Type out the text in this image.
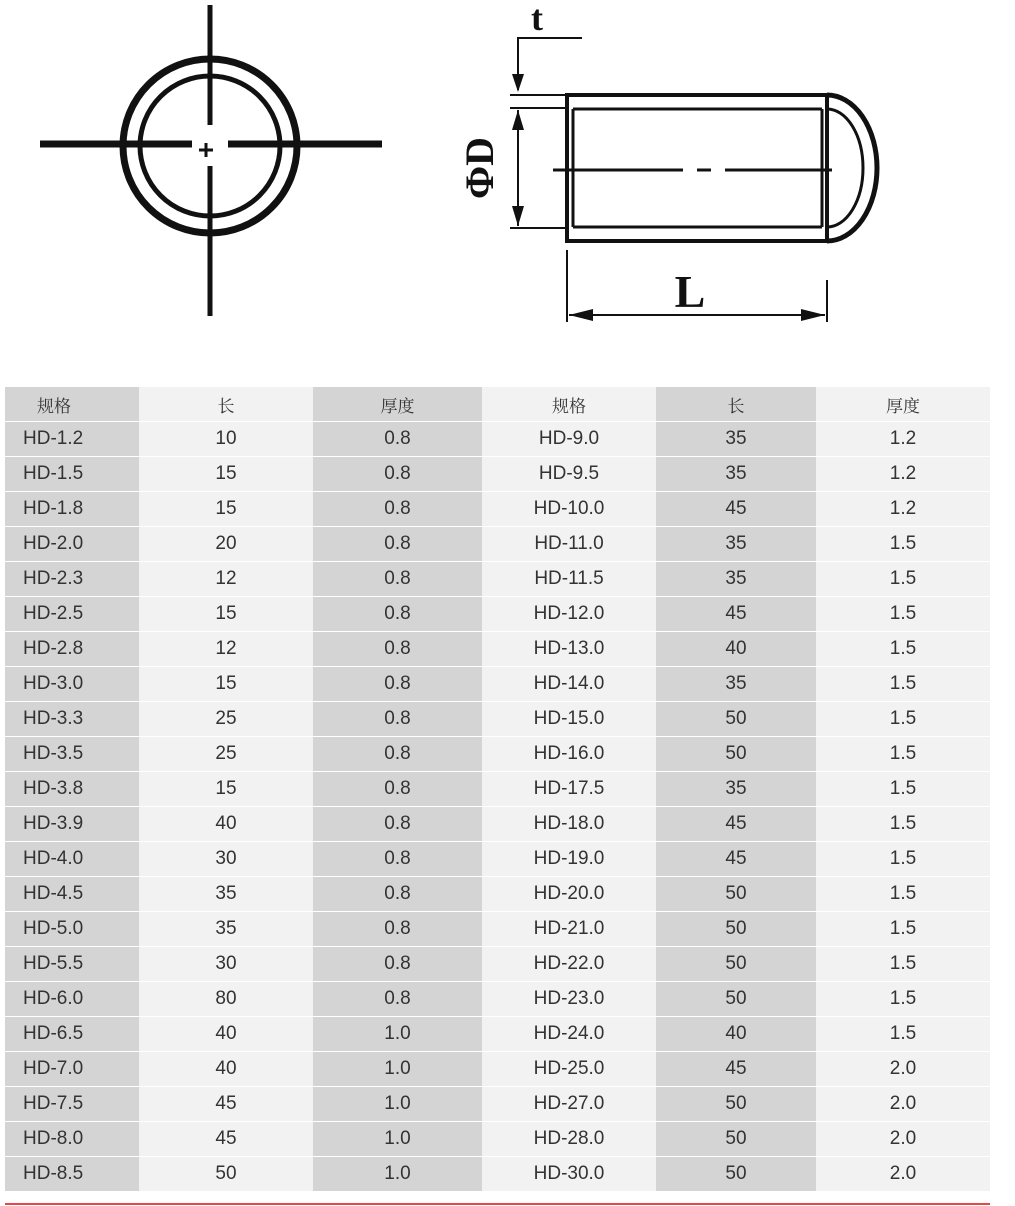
t
ΦD
L
规格	长	厚度	规格	长	厚度
HD-1.2	10	0.8	HD-9.0	35	1.2
HD-1.5	15	0.8	HD-9.5	35	1.2
HD-1.8	15	0.8	HD-10.0	45	1.2
HD-2.0	20	0.8	HD-11.0	35	1.5
HD-2.3	12	0.8	HD-11.5	35	1.5
HD-2.5	15	0.8	HD-12.0	45	1.5
HD-2.8	12	0.8	HD-13.0	40	1.5
HD-3.0	15	0.8	HD-14.0	35	1.5
HD-3.3	25	0.8	HD-15.0	50	1.5
HD-3.5	25	0.8	HD-16.0	50	1.5
HD-3.8	15	0.8	HD-17.5	35	1.5
HD-3.9	40	0.8	HD-18.0	45	1.5
HD-4.0	30	0.8	HD-19.0	45	1.5
HD-4.5	35	0.8	HD-20.0	50	1.5
HD-5.0	35	0.8	HD-21.0	50	1.5
HD-5.5	30	0.8	HD-22.0	50	1.5
HD-6.0	80	0.8	HD-23.0	50	1.5
HD-6.5	40	1.0	HD-24.0	40	1.5
HD-7.0	40	1.0	HD-25.0	45	2.0
HD-7.5	45	1.0	HD-27.0	50	2.0
HD-8.0	45	1.0	HD-28.0	50	2.0
HD-8.5	50	1.0	HD-30.0	50	2.0
